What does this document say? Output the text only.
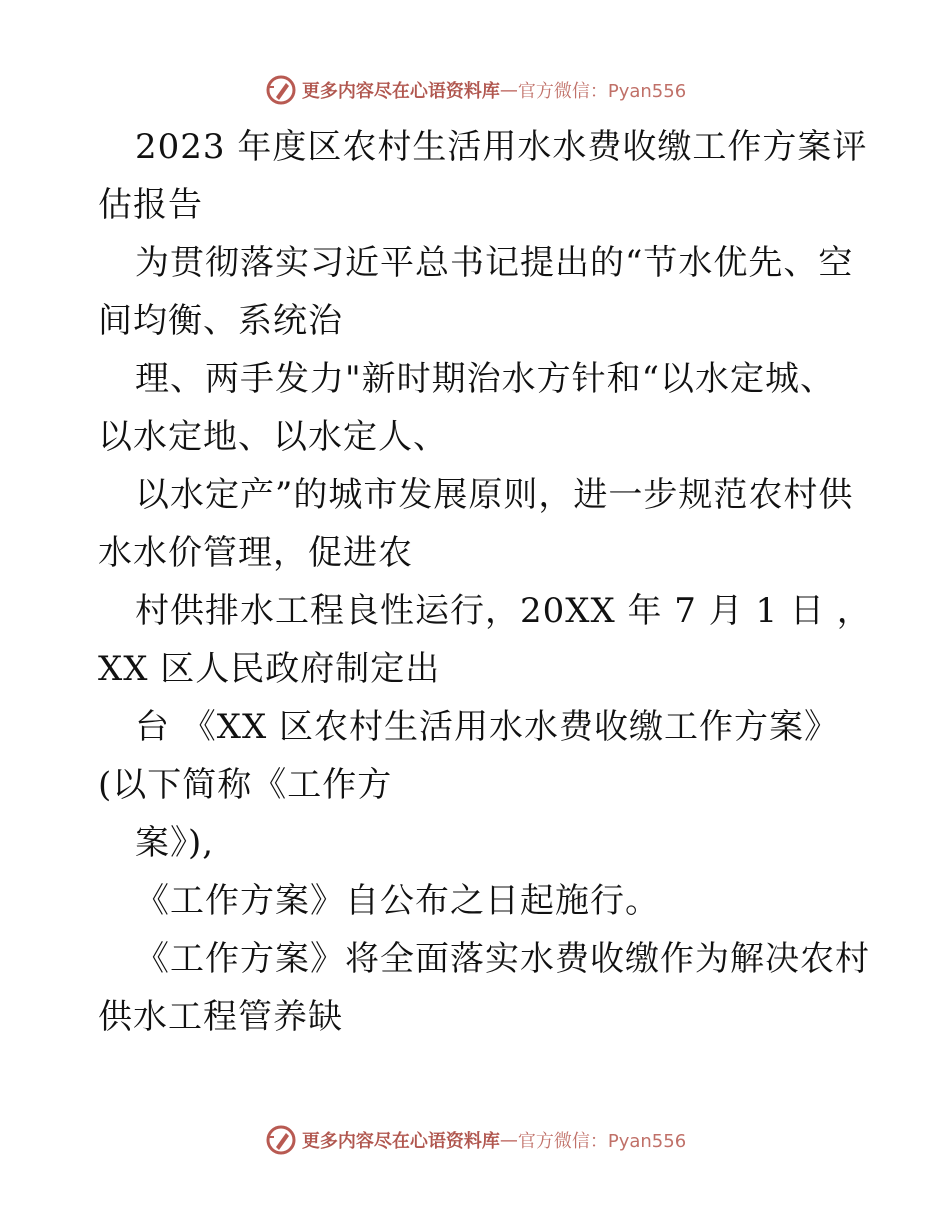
更多内容尽在心语资料库 — 官方微信：Pyan556
2023 年度区农村生活用水水费收缴工作方案评
估报告
为贯彻落实习近平总书记提出的“节水优先、空
间均衡、系统治
理、两手发力"新时期治水方针和“以水定城、
以水定地、以水定人、
以水定产”的城市发展原则，进一步规范农村供
水水价管理，促进农
村供排水工程良性运行，20XX 年 7 月 1 日 ，
XX 区人民政府制定出
台 《XX 区农村生活用水水费收缴工作方案》
(以下简称《工作方
案》),
《工作方案》自公布之日起施行。
《工作方案》将全面落实水费收缴作为解决农村
供水工程管养缺
更多内容尽在心语资料库 — 官方微信：Pyan556
